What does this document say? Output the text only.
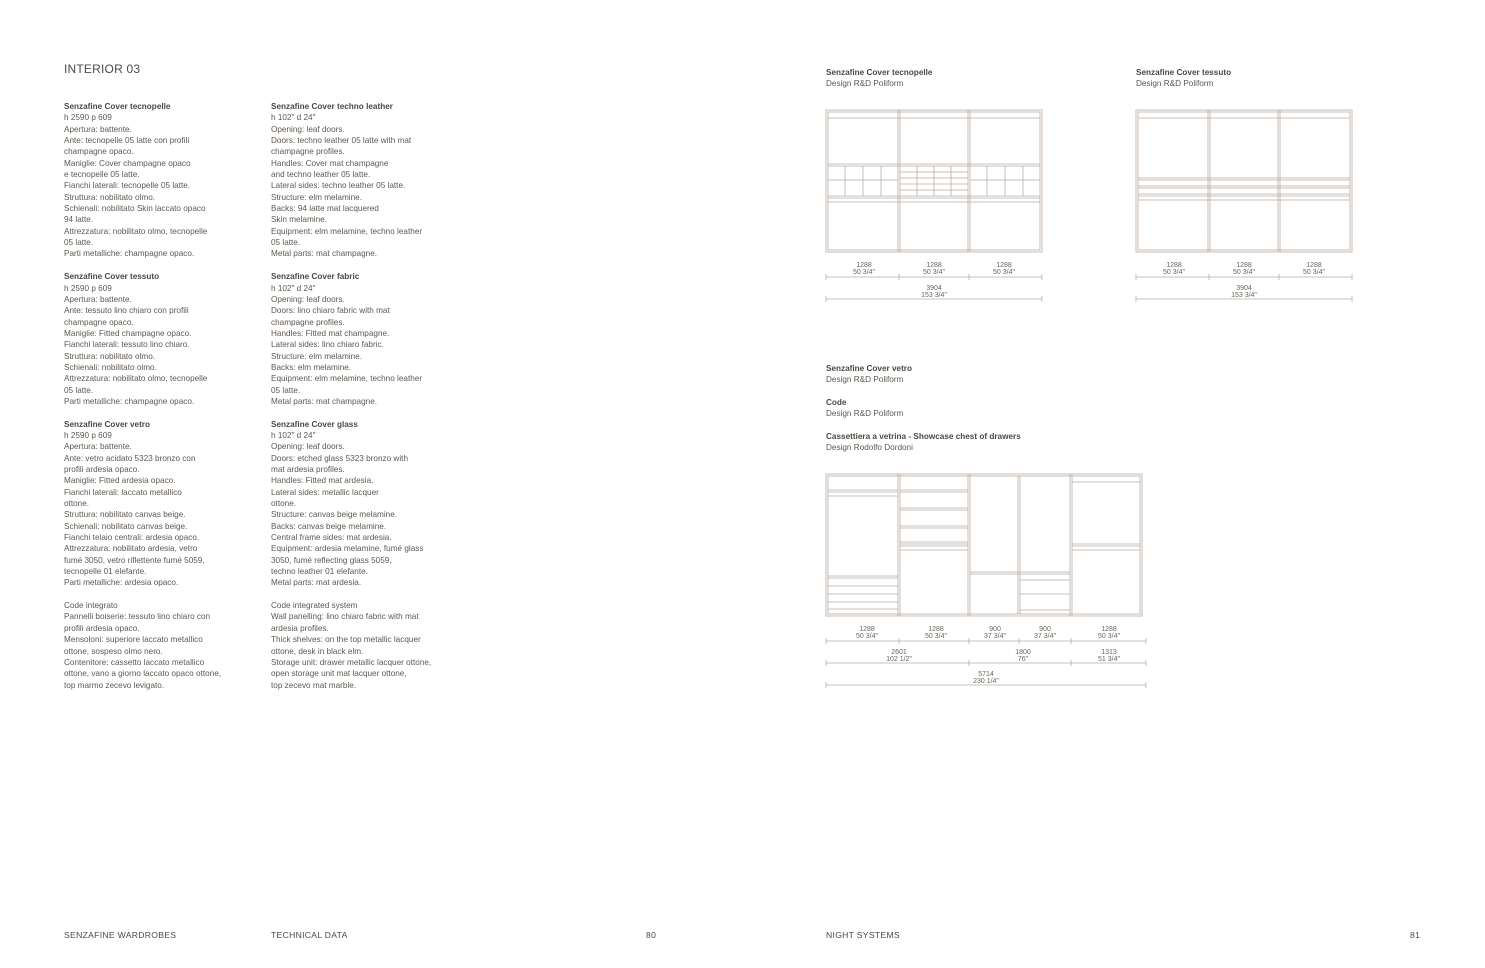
INTERIOR 03
Senzafine Cover tecnopelle
h 2590 p 609
Apertura: battente.
Ante: tecnopelle 05 latte con profili
champagne opaco.
Maniglie: Cover champagne opaco
e tecnopelle 05 latte.
Fianchi laterali: tecnopelle 05 latte.
Struttura: nobilitato olmo.
Schienali: nobilitato Skin laccato opaco
94 latte.
Attrezzatura: nobilitato olmo, tecnopelle
05 latte.
Parti metalliche: champagne opaco.
Senzafine Cover tessuto
h 2590 p 609
Apertura: battente.
Ante: tessuto lino chiaro con profili
champagne opaco.
Maniglie: Fitted champagne opaco.
Fianchi laterali: tessuto lino chiaro.
Struttura: nobilitato olmo.
Schienali: nobilitato olmo.
Attrezzatura: nobilitato olmo, tecnopelle
05 latte.
Parti metalliche: champagne opaco.
Senzafine Cover vetro
h 2590 p 609
Apertura: battente.
Ante: vetro acidato 5323 bronzo con
profili ardesia opaco.
Maniglie: Fitted ardesia opaco.
Fianchi laterali: laccato metallico
ottone.
Struttura: nobilitato canvas beige.
Schienali: nobilitato canvas beige.
Fianchi telaio centrali: ardesia opaco.
Attrezzatura: nobilitato ardesia, vetro
fumé 3050, vetro riflettente fumé 5059,
tecnopelle 01 elefante.
Parti metalliche: ardesia opaco.
Code integrato
Pannelli boiserie: tessuto lino chiaro con
profili ardesia opaco.
Mensoloni: superiore laccato metallico
ottone, sospeso olmo nero.
Contenitore: cassetto laccato metallico
ottone, vano a giorno laccato opaco ottone,
top marmo zecevo levigato.
Senzafine Cover techno leather
h 102" d 24"
Opening: leaf doors.
Doors: techno leather 05 latte with mat
champagne profiles.
Handles: Cover mat champagne
and techno leather 05 latte.
Lateral sides: techno leather 05 latte.
Structure: elm melamine.
Backs: 94 latte mat lacquered
Skin melamine.
Equipment: elm melamine, techno leather
05 latte.
Metal parts: mat champagne.
Senzafine Cover fabric
h 102" d 24"
Opening: leaf doors.
Doors: lino chiaro fabric with mat
champagne profiles.
Handles: Fitted mat champagne.
Lateral sides: lino chiaro fabric.
Structure: elm melamine.
Backs: elm melamine.
Equipment: elm melamine, techno leather
05 latte.
Metal parts: mat champagne.
Senzafine Cover glass
h 102" d 24"
Opening: leaf doors.
Doors: etched glass 5323 bronzo with
mat ardesia profiles.
Handles: Fitted mat ardesia.
Lateral sides: metallic lacquer
ottone.
Structure: canvas beige melamine.
Backs: canvas beige melamine.
Central frame sides: mat ardesia.
Equipment: ardesia melamine, fumé glass
3050, fumé reflecting glass 5059,
techno leather 01 elefante.
Metal parts: mat ardesia.
Code integrated system
Wall panelling: lino chiaro fabric with mat
ardesia profiles.
Thick shelves: on the top metallic lacquer
ottone, desk in black elm.
Storage unit: drawer metallic lacquer ottone,
open storage unit mat lacquer ottone,
top zecevo mat marble.
Senzafine Cover tecnopelle
Design R&D Poliform
Senzafine Cover tessuto
Design R&D Poliform
Senzafine Cover vetro
Design R&D Poliform
Code
Design R&D Poliform
Cassettiera a vetrina - Showcase chest of drawers
Design Rodolfo Dordoni
1288
50 3/4"
1288
50 3/4"
1288
50 3/4"
3904
153 3/4"
1288
50 3/4"
1288
50 3/4"
1288
50 3/4"
3904
153 3/4"
1288
50 3/4"
1288
50 3/4"
900
37 3/4"
900
37 3/4"
1288
50 3/4"
2601
102 1/2"
1800
76"
1313
51 3/4"
5714
230 1/4"
SENZAFINE WARDROBES	TECHNICAL DATA	80	NIGHT SYSTEMS	81
